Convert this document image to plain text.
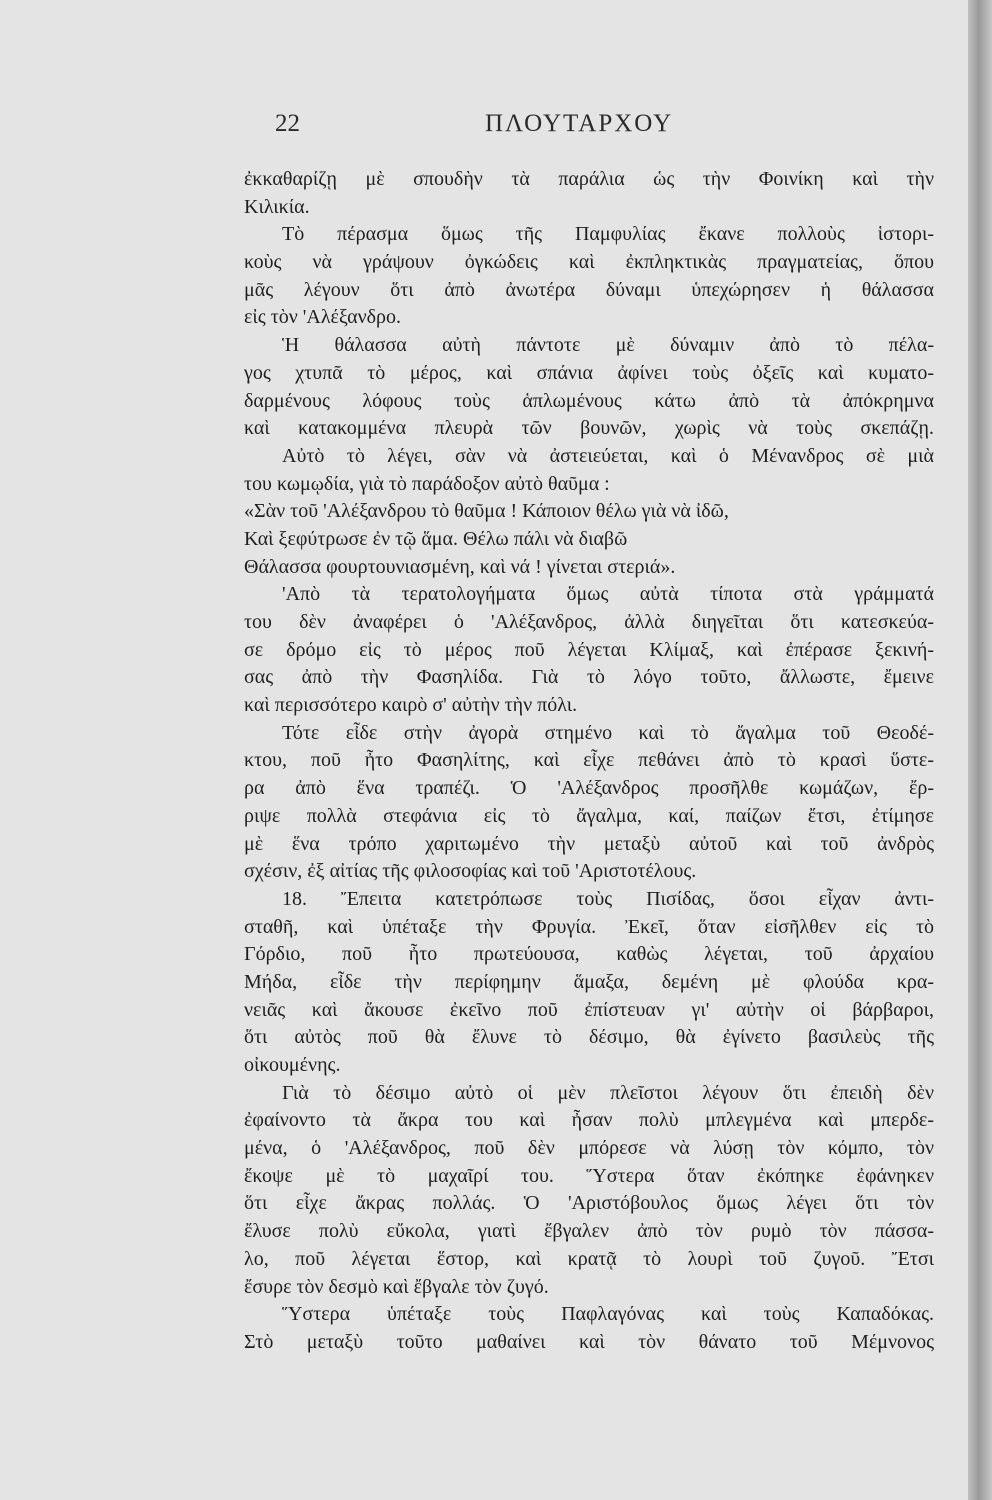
22	ΠΛΟΥΤΑΡΧΟΥ
ἐκκαθαρίζῃ μὲ σπουδὴν τὰ παράλια ὡς τὴν Φοινίκη καὶ τὴν
Κιλικία.
Τὸ πέρασμα ὅμως τῆς Παμφυλίας ἔκανε πολλοὺς ἱστορι-
κοὺς νὰ γράψουν ὀγκώδεις καὶ ἐκπληκτικὰς πραγματείας, ὅπου
μᾶς λέγουν ὅτι ἀπὸ ἀνωτέρα δύναμι ὑπεχώρησεν ἡ θάλασσα
εἰς τὸν 'Αλέξανδρο.
Ἡ θάλασσα αὐτὴ πάντοτε μὲ δύναμιν ἀπὸ τὸ πέλα-
γος χτυπᾶ τὸ μέρος, καὶ σπάνια ἀφίνει τοὺς ὀξεῖς καὶ κυματο-
δαρμένους λόφους τοὺς ἁπλωμένους κάτω ἀπὸ τὰ ἀπόκρημνα
καὶ κατακομμένα πλευρὰ τῶν βουνῶν, χωρὶς νὰ τοὺς σκεπάζῃ.
Αὐτὸ τὸ λέγει, σὰν νὰ ἀστειεύεται, καὶ ὁ Μένανδρος σὲ μιὰ
του κωμῳδία, γιὰ τὸ παράδοξον αὐτὸ θαῦμα :
«Σὰν τοῦ 'Αλέξανδρου τὸ θαῦμα ! Κάποιον θέλω γιὰ νὰ ἰδῶ,
Καὶ ξεφύτρωσε ἐν τῷ ἅμα. Θέλω πάλι νὰ διαβῶ
Θάλασσα φουρτουνιασμένη, καὶ νά ! γίνεται στεριά».
'Απὸ τὰ τερατολογήματα ὅμως αὐτὰ τίποτα στὰ γράμματά
του δὲν ἀναφέρει ὁ 'Αλέξανδρος, ἀλλὰ διηγεῖται ὅτι κατεσκεύα-
σε δρόμο εἰς τὸ μέρος ποῦ λέγεται Κλίμαξ, καὶ ἐπέρασε ξεκινή-
σας ἀπὸ τὴν Φασηλίδα. Γιὰ τὸ λόγο τοῦτο, ἄλλωστε, ἔμεινε
καὶ περισσότερο καιρὸ σ' αὐτὴν τὴν πόλι.
Τότε εἶδε στὴν ἀγορὰ στημένο καὶ τὸ ἄγαλμα τοῦ Θεοδέ-
κτου, ποῦ ἦτο Φασηλίτης, καὶ εἶχε πεθάνει ἀπὸ τὸ κρασὶ ὕστε-
ρα ἀπὸ ἕνα τραπέζι. Ὁ 'Αλέξανδρος προσῆλθε κωμάζων, ἔρ-
ριψε πολλὰ στεφάνια εἰς τὸ ἄγαλμα, καί, παίζων ἔτσι, ἐτίμησε
μὲ ἕνα τρόπο χαριτωμένο τὴν μεταξὺ αὐτοῦ καὶ τοῦ ἀνδρὸς
σχέσιν, ἐξ αἰτίας τῆς φιλοσοφίας καὶ τοῦ 'Αριστοτέλους.
18. Ἔπειτα κατετρόπωσε τοὺς Πισίδας, ὅσοι εἶχαν ἀντι-
σταθῆ, καὶ ὑπέταξε τὴν Φρυγία. Ἐκεῖ, ὅταν εἰσῆλθεν εἰς τὸ
Γόρδιο, ποῦ ἦτο πρωτεύουσα, καθὼς λέγεται, τοῦ ἀρχαίου
Μήδα, εἶδε τὴν περίφημην ἅμαξα, δεμένη μὲ φλούδα κρα-
νειᾶς καὶ ἄκουσε ἐκεῖνο ποῦ ἐπίστευαν γι' αὐτὴν οἱ βάρβαροι,
ὅτι αὐτὸς ποῦ θὰ ἔλυνε τὸ δέσιμο, θὰ ἐγίνετο βασιλεὺς τῆς
οἰκουμένης.
Γιὰ τὸ δέσιμο αὐτὸ οἱ μὲν πλεῖστοι λέγουν ὅτι ἐπειδὴ δὲν
ἐφαίνοντο τὰ ἄκρα του καὶ ἦσαν πολὺ μπλεγμένα καὶ μπερδε-
μένα, ὁ 'Αλέξανδρος, ποῦ δὲν μπόρεσε νὰ λύσῃ τὸν κόμπο, τὸν
ἔκοψε μὲ τὸ μαχαῖρί του. Ὕστερα ὅταν ἐκόπηκε ἐφάνηκεν
ὅτι εἶχε ἄκρας πολλάς. Ὁ 'Αριστόβουλος ὅμως λέγει ὅτι τὸν
ἔλυσε πολὺ εὔκολα, γιατὶ ἔβγαλεν ἀπὸ τὸν ρυμὸ τὸν πάσσα-
λο, ποῦ λέγεται ἕστορ, καὶ κρατᾷ τὸ λουρὶ τοῦ ζυγοῦ. Ἔτσι
ἔσυρε τὸν δεσμὸ καὶ ἔβγαλε τὸν ζυγό.
Ὕστερα ὑπέταξε τοὺς Παφλαγόνας καὶ τοὺς Καπαδόκας.
Στὸ μεταξὺ τοῦτο μαθαίνει καὶ τὸν θάνατο τοῦ Μέμνονος
